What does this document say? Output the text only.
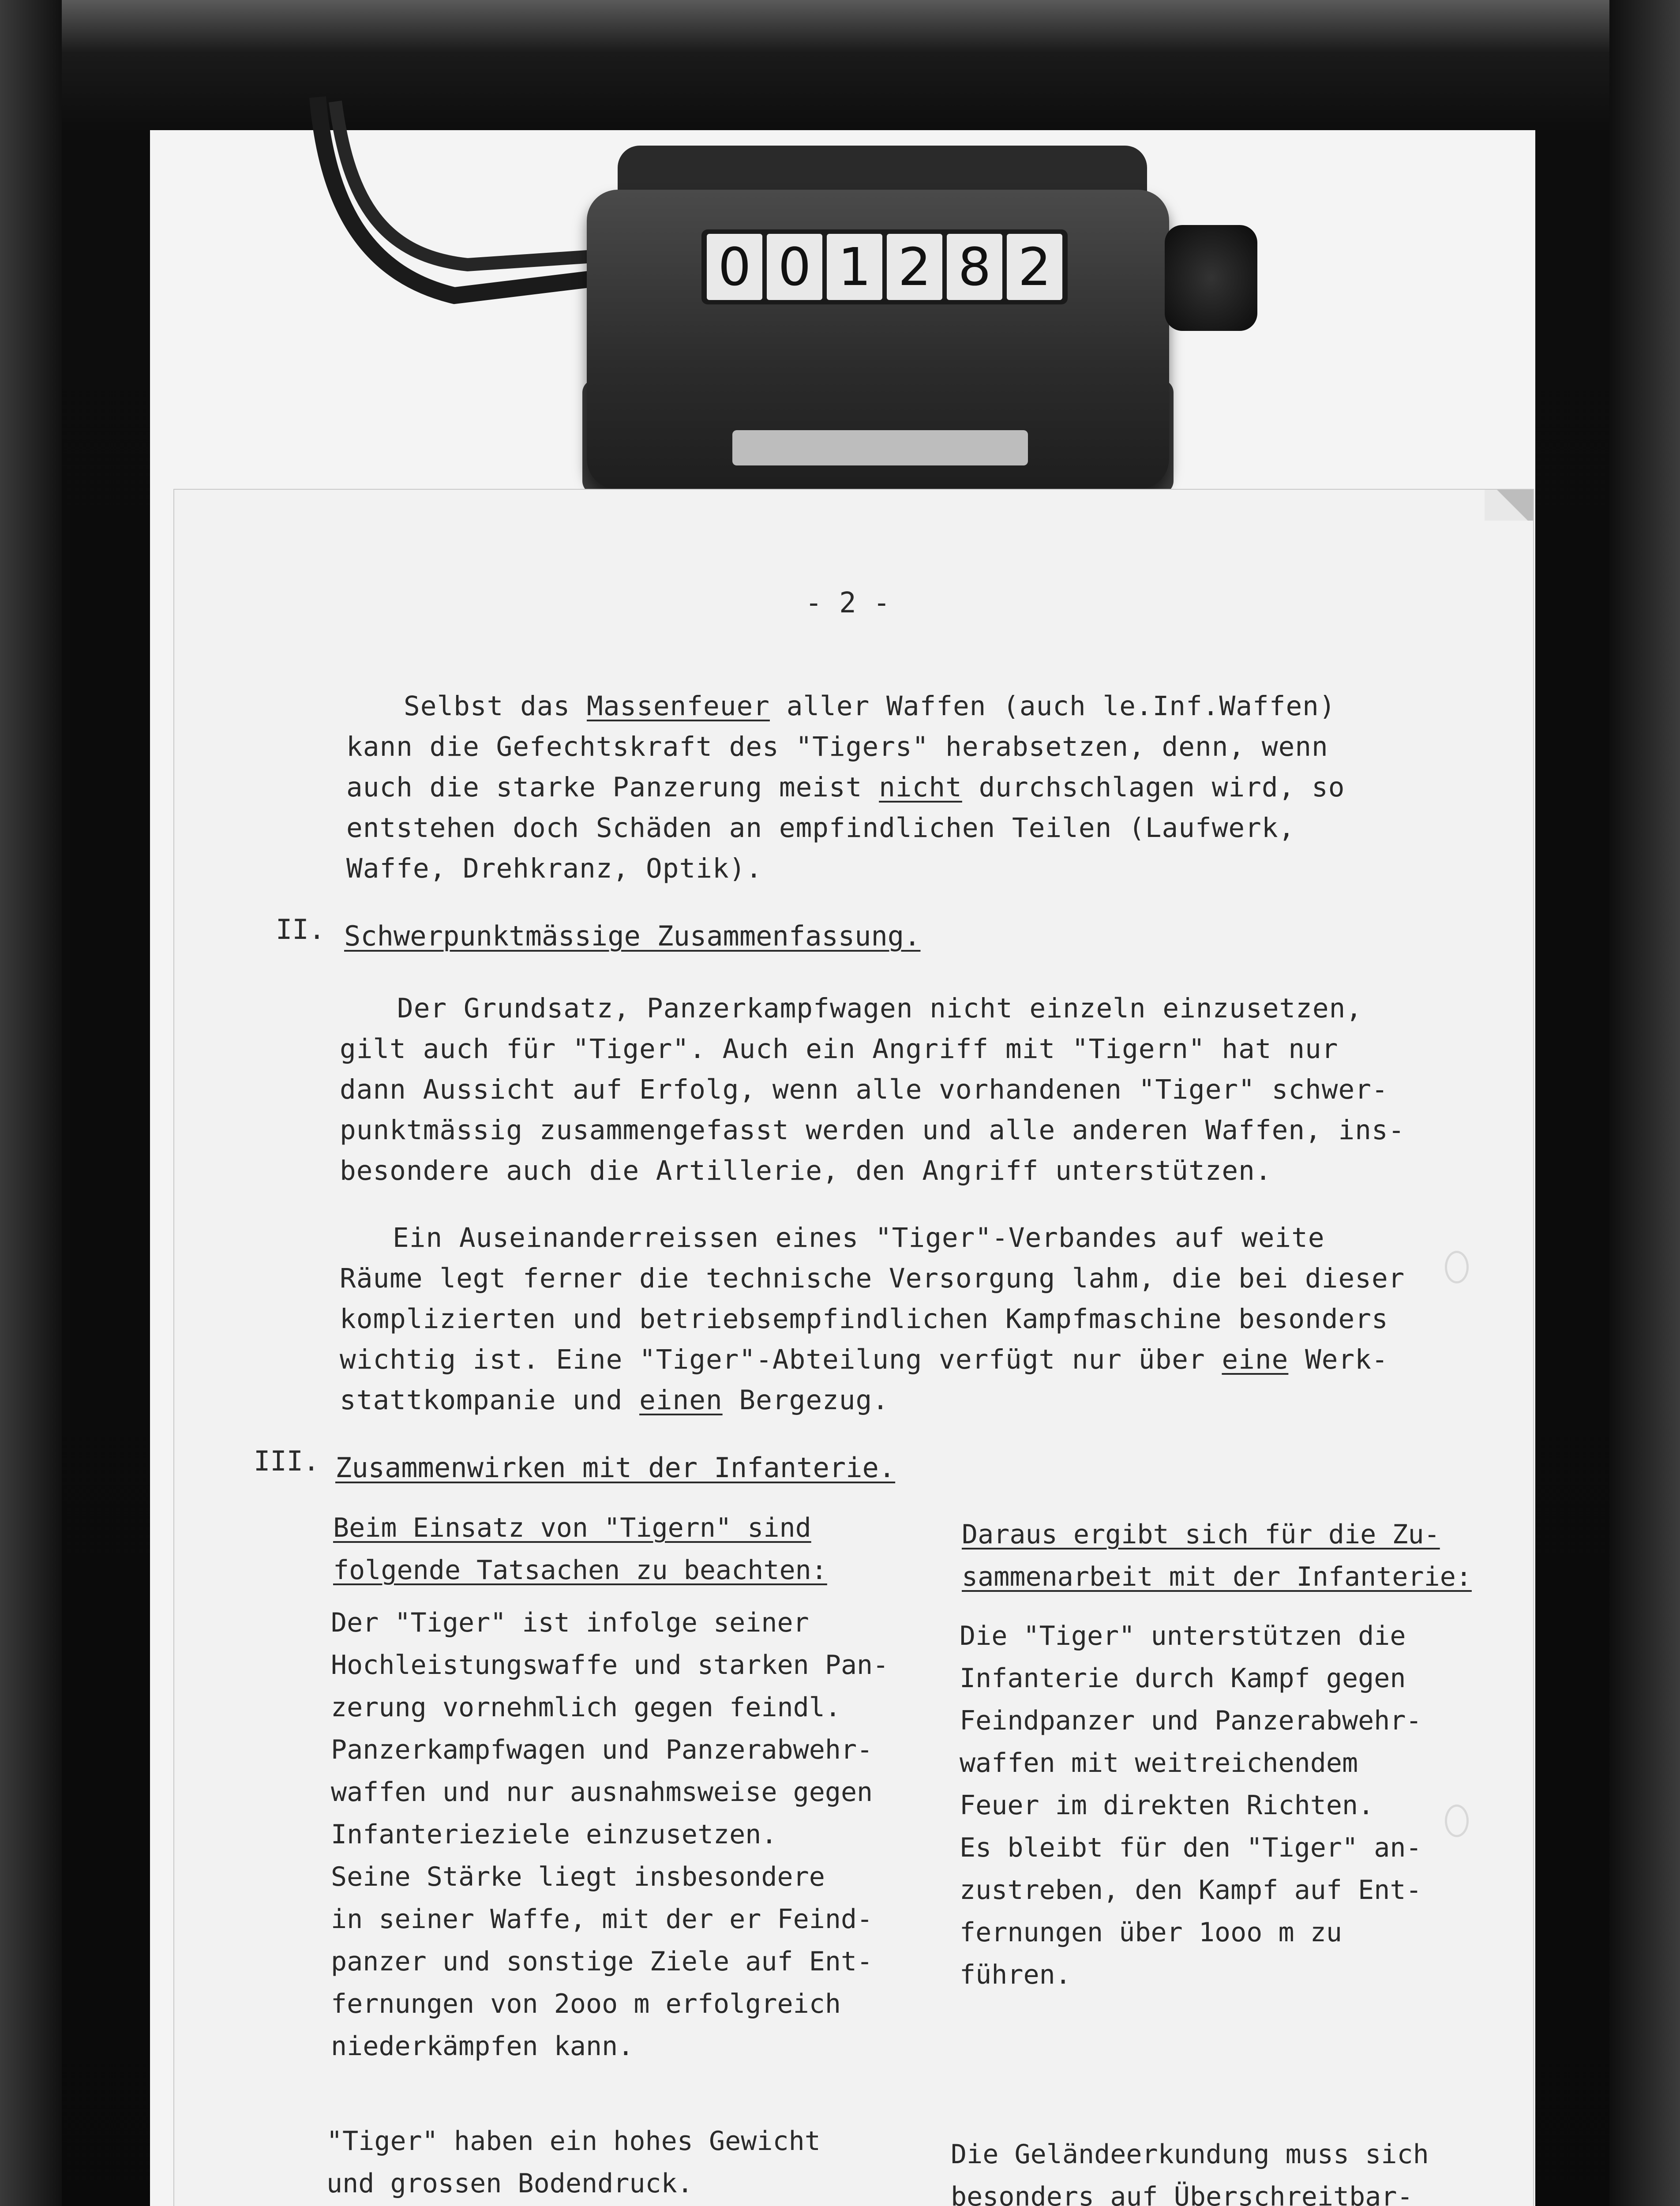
0 0 1 2 8 2
- 2 -
Selbst das Massenfeuer aller Waffen (auch le.Inf.Waffen)
kann die Gefechtskraft des "Tigers" herabsetzen, denn, wenn
auch die starke Panzerung meist nicht durchschlagen wird, so
entstehen doch Schäden an empfindlichen Teilen (Laufwerk,
Waffe, Drehkranz, Optik).
II. Schwerpunktmässige Zusammenfassung.
Der Grundsatz, Panzerkampfwagen nicht einzeln einzusetzen,
gilt auch für "Tiger". Auch ein Angriff mit "Tigern" hat nur
dann Aussicht auf Erfolg, wenn alle vorhandenen "Tiger" schwer-
punktmässig zusammengefasst werden und alle anderen Waffen, ins-
besondere auch die Artillerie, den Angriff unterstützen.
Ein Auseinanderreissen eines "Tiger"-Verbandes auf weite
Räume legt ferner die technische Versorgung lahm, die bei dieser
komplizierten und betriebsempfindlichen Kampfmaschine besonders
wichtig ist. Eine "Tiger"-Abteilung verfügt nur über eine Werk-
stattkompanie und einen Bergezug.
III. Zusammenwirken mit der Infanterie.
Beim Einsatz von "Tigern" sind
folgende Tatsachen zu beachten:
Der "Tiger" ist infolge seiner
Hochleistungswaffe und starken Pan-
zerung vornehmlich gegen feindl.
Panzerkampfwagen und Panzerabwehr-
waffen und nur ausnahmsweise gegen
Infanterieziele einzusetzen.
Seine Stärke liegt insbesondere
in seiner Waffe, mit der er Feind-
panzer und sonstige Ziele auf Ent-
fernungen von 2ooo m erfolgreich
niederkämpfen kann.
"Tiger" haben ein hohes Gewicht
und grossen Bodendruck.
Daraus ergibt sich für die Zu-
sammenarbeit mit der Infanterie:
Die "Tiger" unterstützen die
Infanterie durch Kampf gegen
Feindpanzer und Panzerabwehr-
waffen mit weitreichendem
Feuer im direkten Richten.
Es bleibt für den "Tiger" an-
zustreben, den Kampf auf Ent-
fernungen über 1ooo m zu
führen.
Die Geländeerkundung muss sich
besonders auf Überschreitbar-
